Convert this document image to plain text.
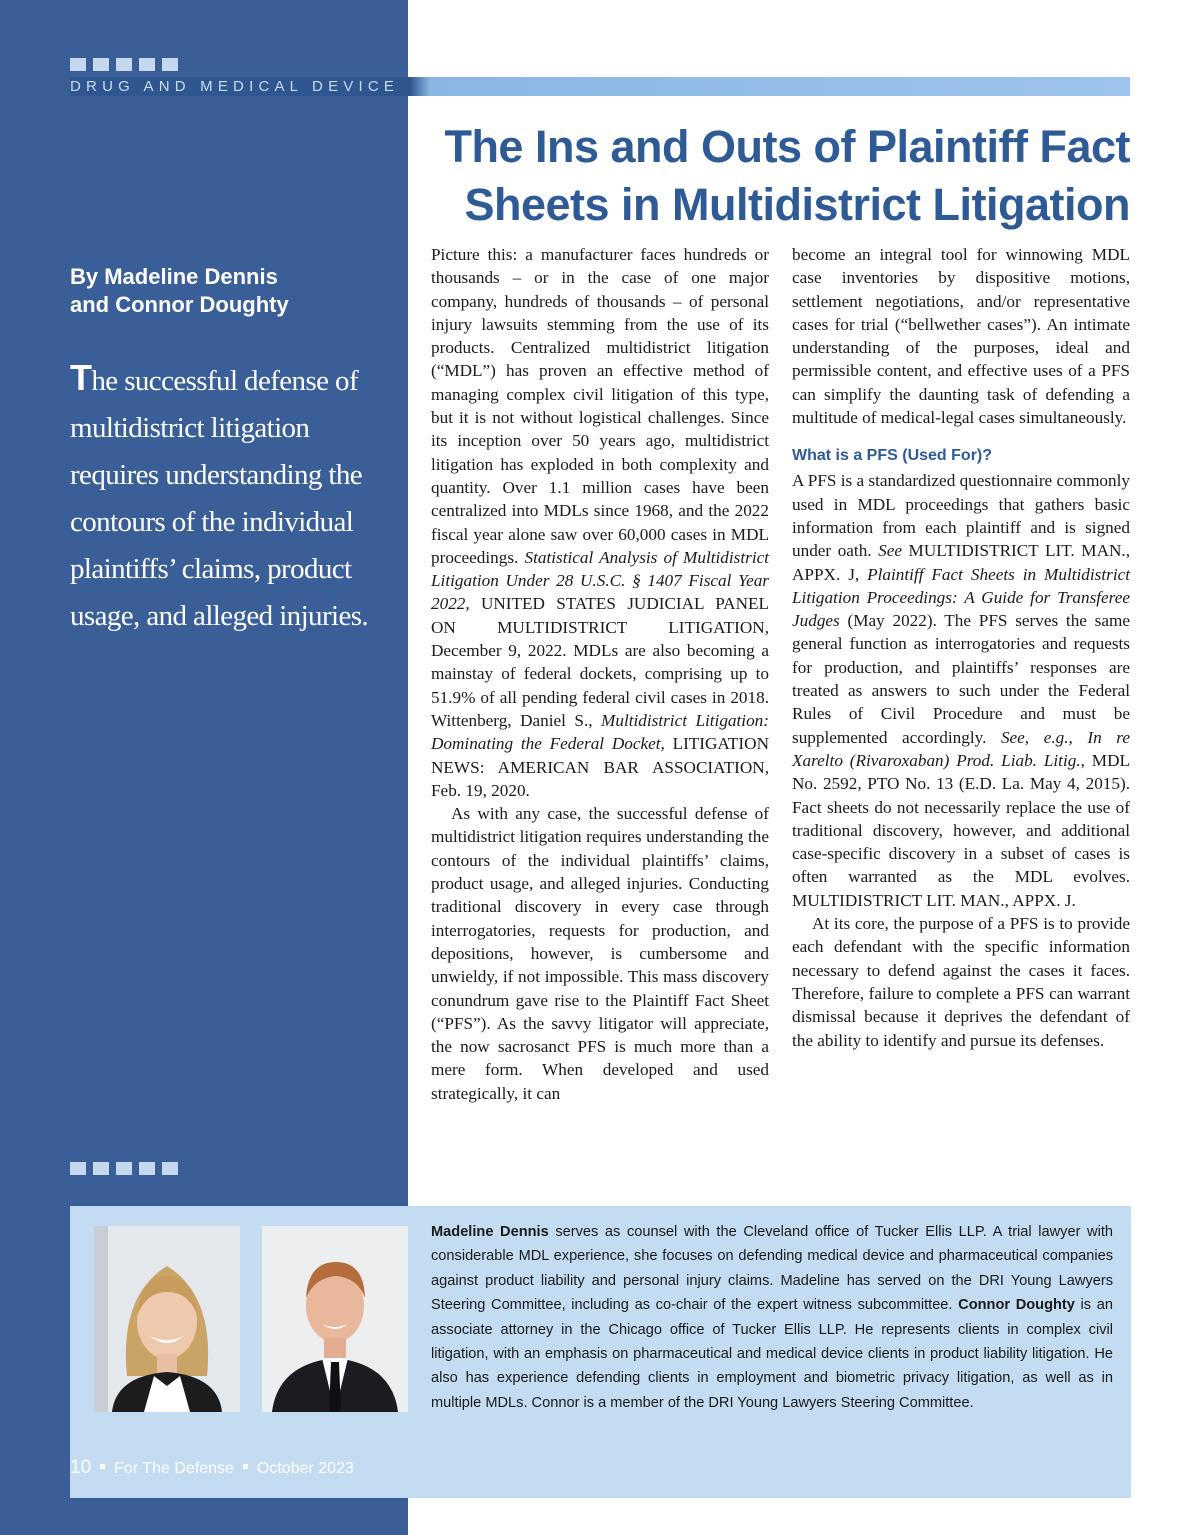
DRUG AND MEDICAL DEVICE
The Ins and Outs of Plaintiff Fact Sheets in Multidistrict Litigation

By Madeline Dennis
and Connor Doughty

The successful defense of multidistrict litigation requires understanding the contours of the individual plaintiffs’ claims, product usage, and alleged injuries.

Picture this: a manufacturer faces hundreds or thousands – or in the case of one major company, hundreds of thousands – of personal injury lawsuits stemming from the use of its products. Centralized multidistrict litigation (“MDL”) has proven an effective method of managing complex civil litigation of this type, but it is not without logistical challenges. Since its inception over 50 years ago, multidistrict litigation has exploded in both complexity and quantity. Over 1.1 million cases have been centralized into MDLs since 1968, and the 2022 fiscal year alone saw over 60,000 cases in MDL proceedings. Statistical Analysis of Multidistrict Litigation Under 28 U.S.C. § 1407 Fiscal Year 2022, UNITED STATES JUDICIAL PANEL ON MULTIDISTRICT LITIGATION, December 9, 2022. MDLs are also becoming a mainstay of federal dockets, comprising up to 51.9% of all pending federal civil cases in 2018. Wittenberg, Daniel S., Multidistrict Litigation: Dominating the Federal Docket, LITIGATION NEWS: AMERICAN BAR ASSOCIATION, Feb. 19, 2020.

As with any case, the successful defense of multidistrict litigation requires understanding the contours of the individual plaintiffs’ claims, product usage, and alleged injuries. Conducting traditional discovery in every case through interrogatories, requests for production, and depositions, however, is cumbersome and unwieldy, if not impossible. This mass discovery conundrum gave rise to the Plaintiff Fact Sheet (“PFS”). As the savvy litigator will appreciate, the now sacrosanct PFS is much more than a mere form. When developed and used strategically, it can

become an integral tool for winnowing MDL case inventories by dispositive motions, settlement negotiations, and/or representative cases for trial (“bellwether cases”). An intimate understanding of the purposes, ideal and permissible content, and effective uses of a PFS can simplify the daunting task of defending a multitude of medical-legal cases simultaneously.

What is a PFS (Used For)?

A PFS is a standardized questionnaire commonly used in MDL proceedings that gathers basic information from each plaintiff and is signed under oath. See MULTIDISTRICT LIT. MAN., APPX. J, Plaintiff Fact Sheets in Multidistrict Litigation Proceedings: A Guide for Transferee Judges (May 2022). The PFS serves the same general function as interrogatories and requests for production, and plaintiffs’ responses are treated as answers to such under the Federal Rules of Civil Procedure and must be supplemented accordingly. See, e.g., In re Xarelto (Rivaroxaban) Prod. Liab. Litig., MDL No. 2592, PTO No. 13 (E.D. La. May 4, 2015). Fact sheets do not necessarily replace the use of traditional discovery, however, and additional case-specific discovery in a subset of cases is often warranted as the MDL evolves. MULTIDISTRICT LIT. MAN., APPX. J.

At its core, the purpose of a PFS is to provide each defendant with the specific information necessary to defend against the cases it faces. Therefore, failure to complete a PFS can warrant dismissal because it deprives the defendant of the ability to identify and pursue its defenses.

Madeline Dennis serves as counsel with the Cleveland office of Tucker Ellis LLP. A trial lawyer with considerable MDL experience, she focuses on defending medical device and pharmaceutical companies against product liability and personal injury claims. Madeline has served on the DRI Young Lawyers Steering Committee, including as co-chair of the expert witness subcommittee. Connor Doughty is an associate attorney in the Chicago office of Tucker Ellis LLP. He represents clients in complex civil litigation, with an emphasis on pharmaceutical and medical device clients in product liability litigation. He also has experience defending clients in employment and biometric privacy litigation, as well as in multiple MDLs. Connor is a member of the DRI Young Lawyers Steering Committee.

10 For The Defense October 2023
